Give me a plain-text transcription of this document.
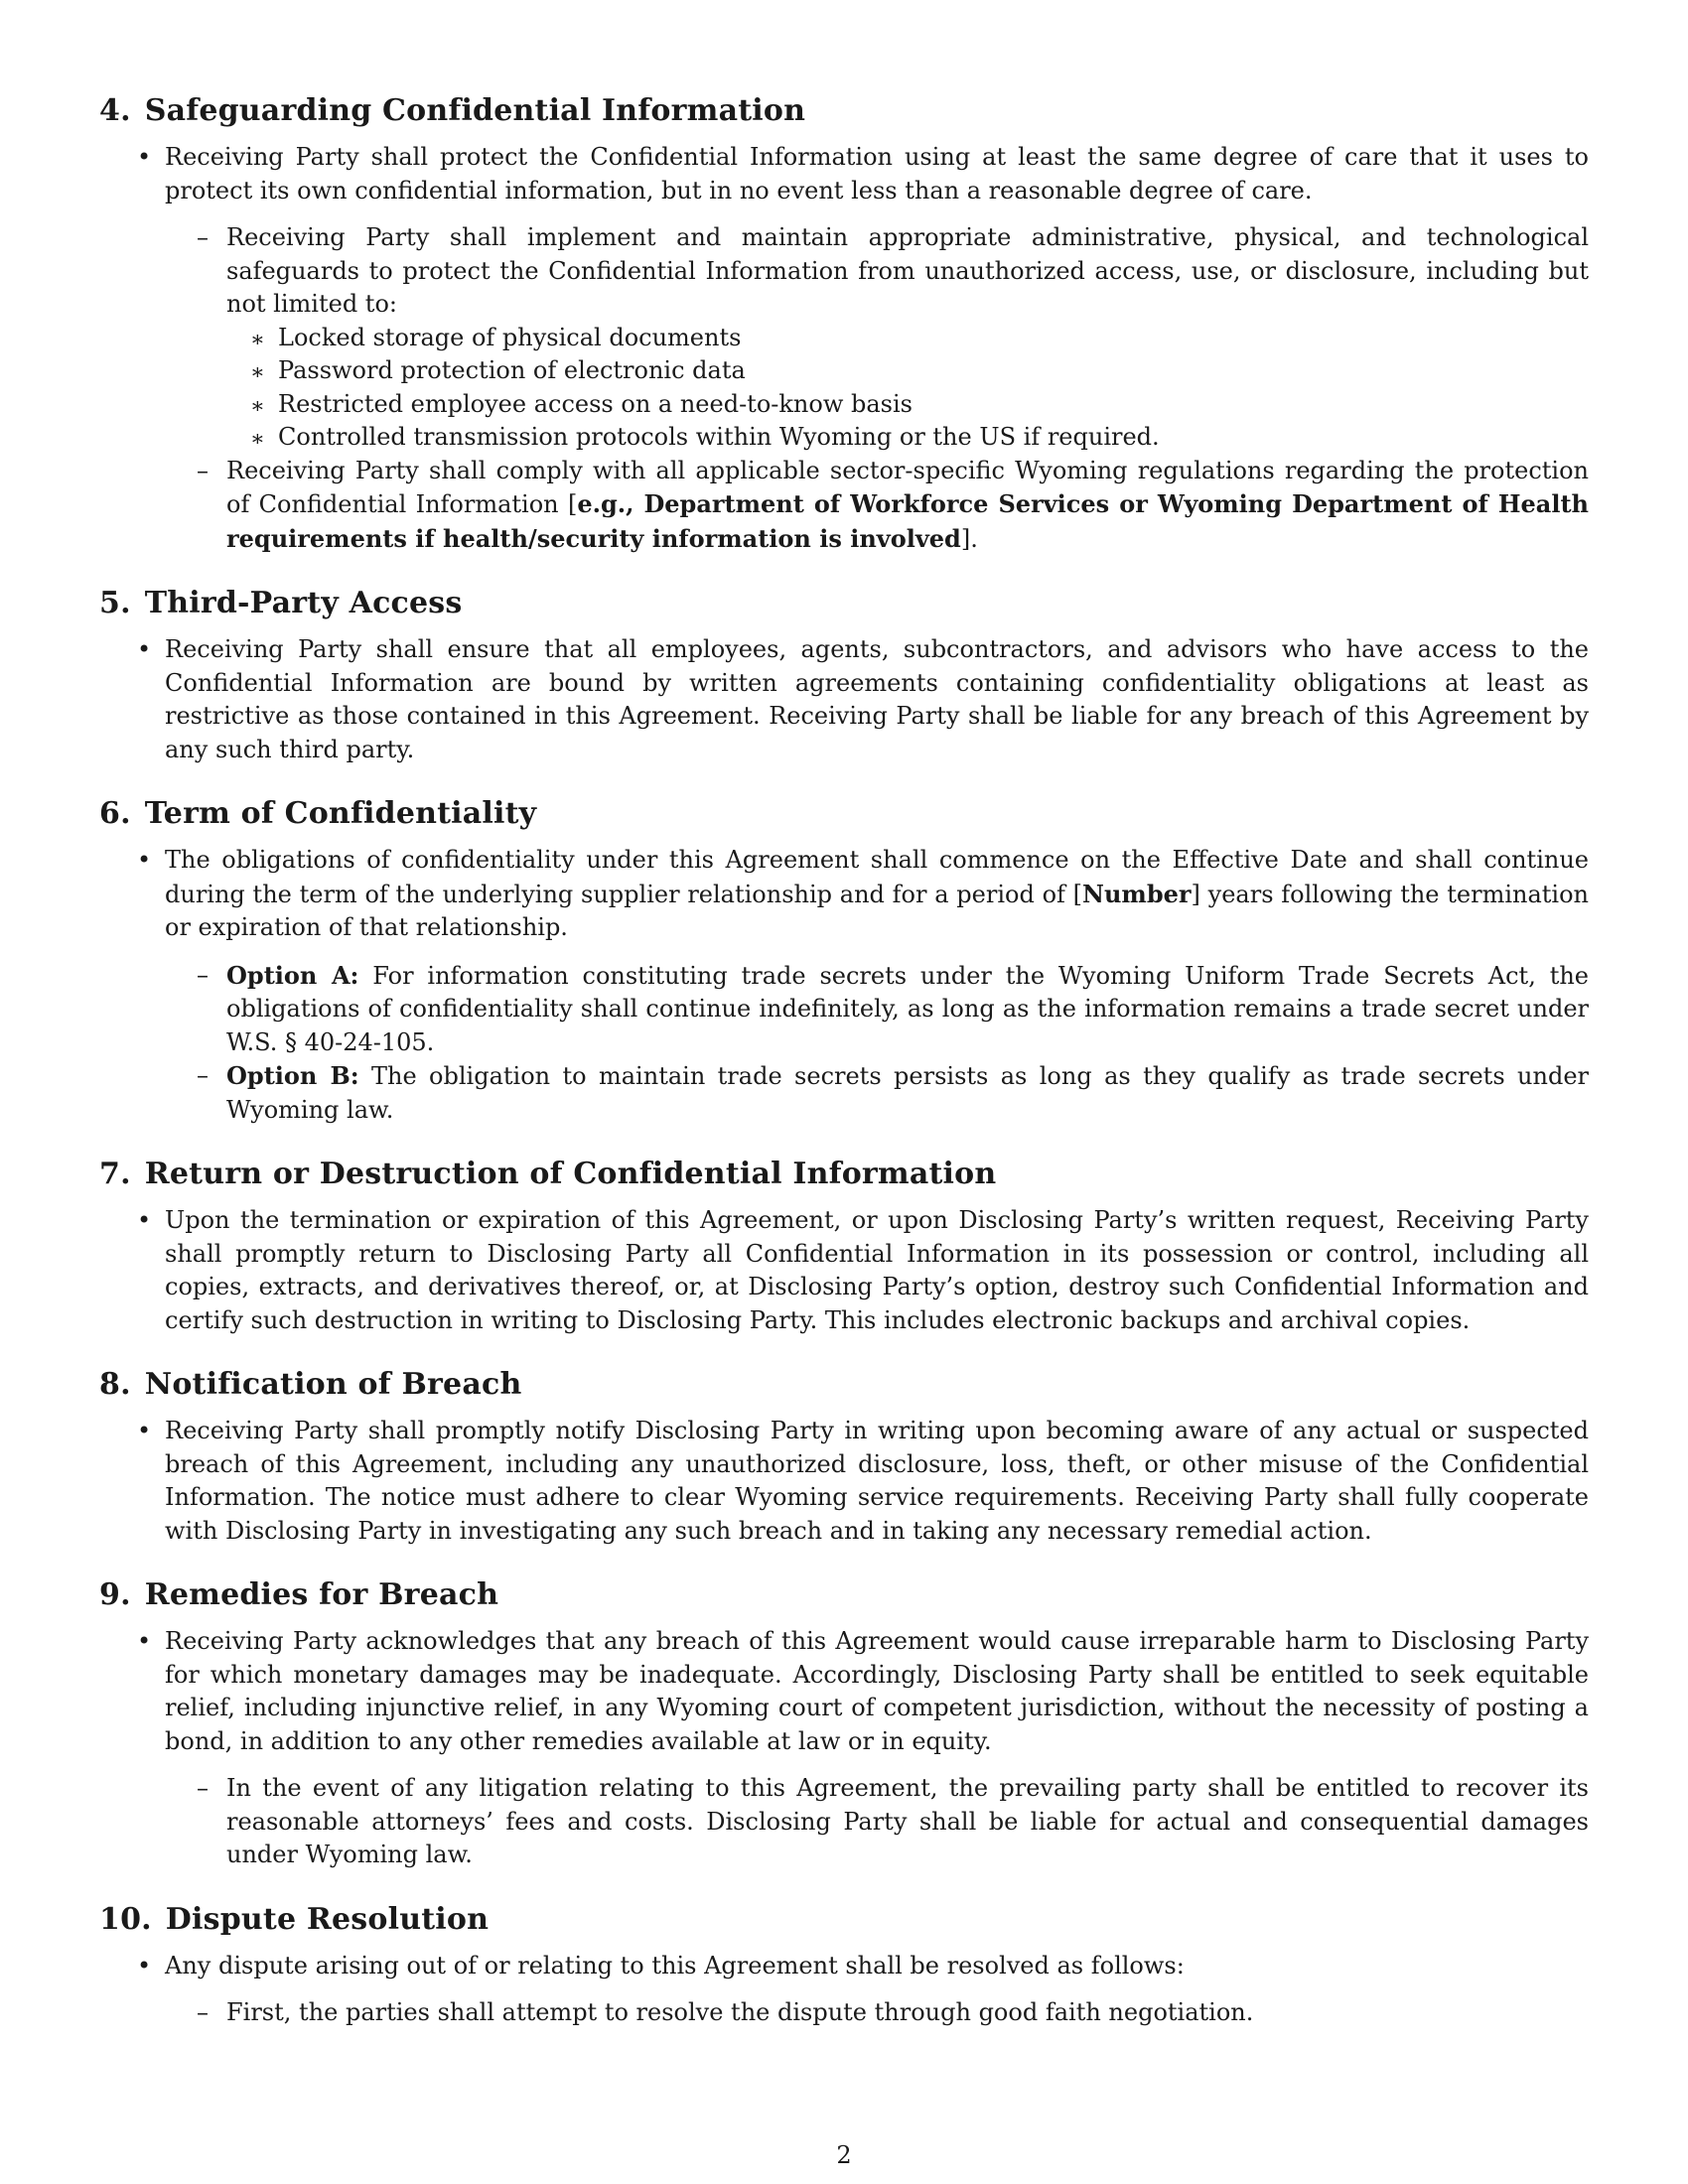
4. Safeguarding Confidential Information
• Receiving Party shall protect the Confidential Information using at least the same degree of care that it uses to protect its own confidential information, but in no event less than a reasonable degree of care.

– Receiving Party shall implement and maintain appropriate administrative, physical, and technological safeguards to protect the Confidential Information from unauthorized access, use, or disclosure, including but not limited to:

∗ Locked storage of physical documents

∗ Password protection of electronic data

∗ Restricted employee access on a need-to-know basis

∗ Controlled transmission protocols within Wyoming or the US if required.

– Receiving Party shall comply with all applicable sector-specific Wyoming regulations regarding the protection of Confidential Information [e.g., Department of Workforce Services or Wyoming Department of Health requirements if health/security information is involved].

5. Third-Party Access
• Receiving Party shall ensure that all employees, agents, subcontractors, and advisors who have access to the Confidential Information are bound by written agreements containing confidentiality obligations at least as restrictive as those contained in this Agreement. Receiving Party shall be liable for any breach of this Agreement by any such third party.

6. Term of Confidentiality
• The obligations of confidentiality under this Agreement shall commence on the Effective Date and shall continue during the term of the underlying supplier relationship and for a period of [Number] years following the termination or expiration of that relationship.

– Option A: For information constituting trade secrets under the Wyoming Uniform Trade Secrets Act, the obligations of confidentiality shall continue indefinitely, as long as the information remains a trade secret under W.S. § 40-24-105.

– Option B: The obligation to maintain trade secrets persists as long as they qualify as trade secrets under Wyoming law.

7. Return or Destruction of Confidential Information
• Upon the termination or expiration of this Agreement, or upon Disclosing Party’s written request, Receiving Party shall promptly return to Disclosing Party all Confidential Information in its possession or control, including all copies, extracts, and derivatives thereof, or, at Disclosing Party’s option, destroy such Confidential Information and certify such destruction in writing to Disclosing Party. This includes electronic backups and archival copies.

8. Notification of Breach
• Receiving Party shall promptly notify Disclosing Party in writing upon becoming aware of any actual or suspected breach of this Agreement, including any unauthorized disclosure, loss, theft, or other misuse of the Confidential Information. The notice must adhere to clear Wyoming service requirements. Receiving Party shall fully cooperate with Disclosing Party in investigating any such breach and in taking any necessary remedial action.

9. Remedies for Breach
• Receiving Party acknowledges that any breach of this Agreement would cause irreparable harm to Disclosing Party for which monetary damages may be inadequate. Accordingly, Disclosing Party shall be entitled to seek equitable relief, including injunctive relief, in any Wyoming court of competent jurisdiction, without the necessity of posting a bond, in addition to any other remedies available at law or in equity.

– In the event of any litigation relating to this Agreement, the prevailing party shall be entitled to recover its reasonable attorneys’ fees and costs. Disclosing Party shall be liable for actual and consequential damages under Wyoming law.

10. Dispute Resolution
• Any dispute arising out of or relating to this Agreement shall be resolved as follows:

– First, the parties shall attempt to resolve the dispute through good faith negotiation.

2
